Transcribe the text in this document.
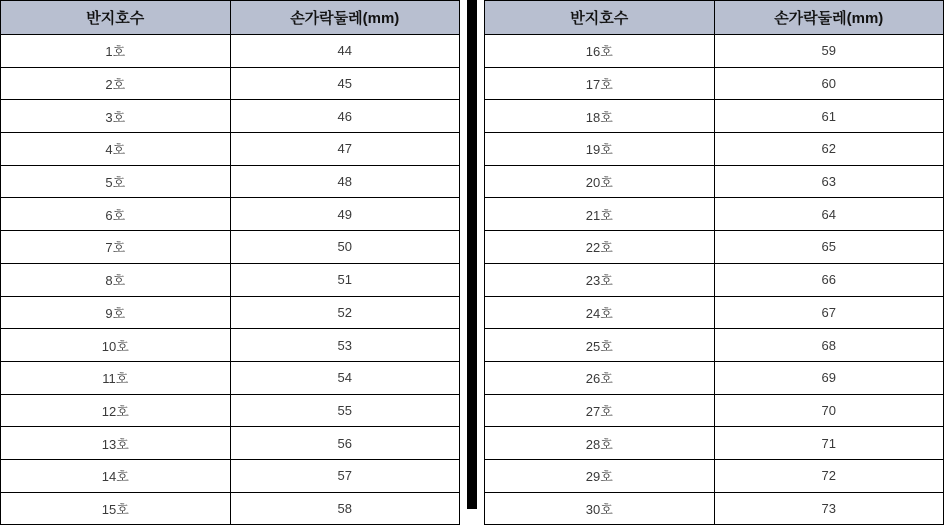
반지호수	손가락둘레(mm)
1호	44
2호	45
3호	46
4호	47
5호	48
6호	49
7호	50
8호	51
9호	52
10호	53
11호	54
12호	55
13호	56
14호	57
15호	58
반지호수	손가락둘레(mm)
16호	59
17호	60
18호	61
19호	62
20호	63
21호	64
22호	65
23호	66
24호	67
25호	68
26호	69
27호	70
28호	71
29호	72
30호	73
